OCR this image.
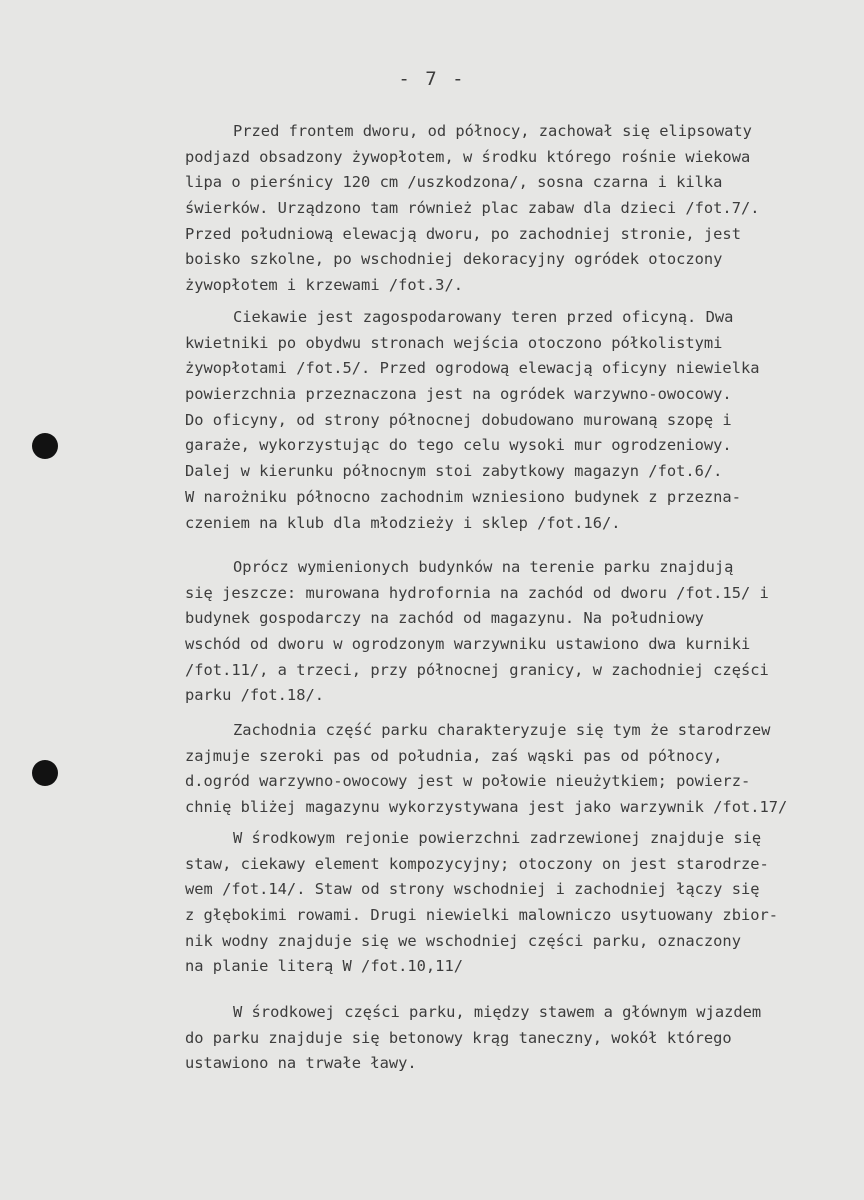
- 7 -
Przed frontem dworu, od północy, zachował się elipsowaty
podjazd obsadzony żywopłotem, w środku którego rośnie wiekowa
lipa o pierśnicy 120 cm /uszkodzona/, sosna czarna i kilka
świerków. Urządzono tam również plac zabaw dla dzieci /fot.7/.
Przed południową elewacją dworu, po zachodniej stronie, jest
boisko szkolne, po wschodniej dekoracyjny ogródek otoczony
żywopłotem i krzewami /fot.3/.
Ciekawie jest zagospodarowany teren przed oficyną. Dwa
kwietniki po obydwu stronach wejścia otoczono półkolistymi
żywopłotami /fot.5/. Przed ogrodową elewacją oficyny niewielka
powierzchnia przeznaczona jest na ogródek warzywno-owocowy.
Do oficyny, od strony północnej dobudowano murowaną szopę i
garaże, wykorzystując do tego celu wysoki mur ogrodzeniowy.
Dalej w kierunku północnym stoi zabytkowy magazyn /fot.6/.
W narożniku północno zachodnim wzniesiono budynek z przezna-
czeniem na klub dla młodzieży i sklep /fot.16/.
Oprócz wymienionych budynków na terenie parku znajdują
się jeszcze: murowana hydrofornia na zachód od dworu /fot.15/ i
budynek gospodarczy na zachód od magazynu. Na południowy
wschód od dworu w ogrodzonym warzywniku ustawiono dwa kurniki
/fot.11/, a trzeci, przy północnej granicy, w zachodniej części
parku /fot.18/.
Zachodnia część parku charakteryzuje się tym że starodrzew
zajmuje szeroki pas od południa, zaś wąski pas od północy,
d.ogród warzywno-owocowy jest w połowie nieużytkiem; powierz-
chnię bliżej magazynu wykorzystywana jest jako warzywnik /fot.17/
W środkowym rejonie powierzchni zadrzewionej znajduje się
staw, ciekawy element kompozycyjny; otoczony on jest starodrze-
wem /fot.14/. Staw od strony wschodniej i zachodniej łączy się
z głębokimi rowami. Drugi niewielki malowniczo usytuowany zbior-
nik wodny znajduje się we wschodniej części parku, oznaczony
na planie literą W /fot.10,11/
W środkowej części parku, między stawem a głównym wjazdem
do parku znajduje się betonowy krąg taneczny, wokół którego
ustawiono na trwałe ławy.
